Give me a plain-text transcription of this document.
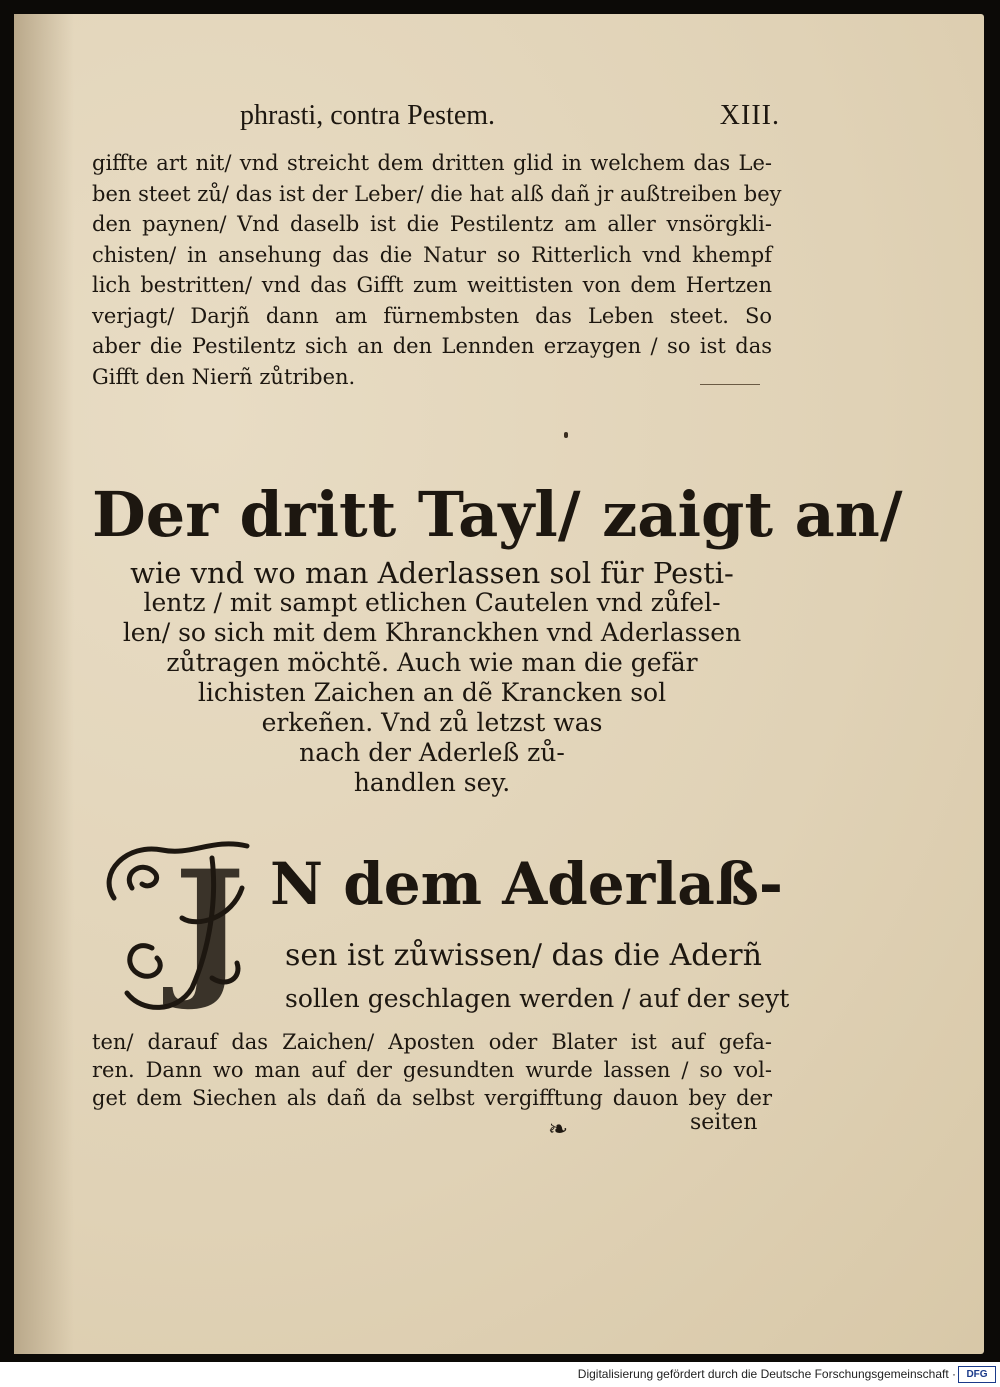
phrasti, contra Pestem.	XIII.
giffte art nit/ vnd streicht dem dritten glid in welchem das Le-
ben steet zů/ das ist der Leber/ die hat alß dañ jr außtreiben bey
den paynen/ Vnd daselb ist die Pestilentz am aller vnsörgkli-
chisten/ in ansehung das die Natur so Ritterlich vnd khempf
lich bestritten/ vnd das Gifft zum weittisten von dem Hertzen
verjagt/ Darjñ dann am fürnembsten das Leben steet. So
aber die Pestilentz sich an den Lennden erzaygen / so ist das
Gifft den Nierñ zůtriben.
Der dritt Tayl/ zaigt an/
wie vnd wo man Aderlassen sol für Pesti-
lentz / mit sampt etlichen Cautelen vnd zůfel-
len/ so sich mit dem Khranckhen vnd Aderlassen
zůtragen möchtẽ. Auch wie man die gefär
lichisten Zaichen an dẽ Krancken sol
erkeñen. Vnd zů letzst was
nach der Aderleß zů-
handlen sey.
J N dem Aderlaß-
sen ist zůwissen/ das die Aderñ
sollen geschlagen werden / auf der seyt
ten/ darauf das Zaichen/ Aposten oder Blater ist auf gefa-
ren. Dann wo man auf der gesundten wurde lassen / so vol-
get dem Siechen als dañ da selbst vergifftung dauon bey der
❧	seiten
Digitalisierung gefördert durch die Deutsche Forschungsgemeinschaft ·	DFG
